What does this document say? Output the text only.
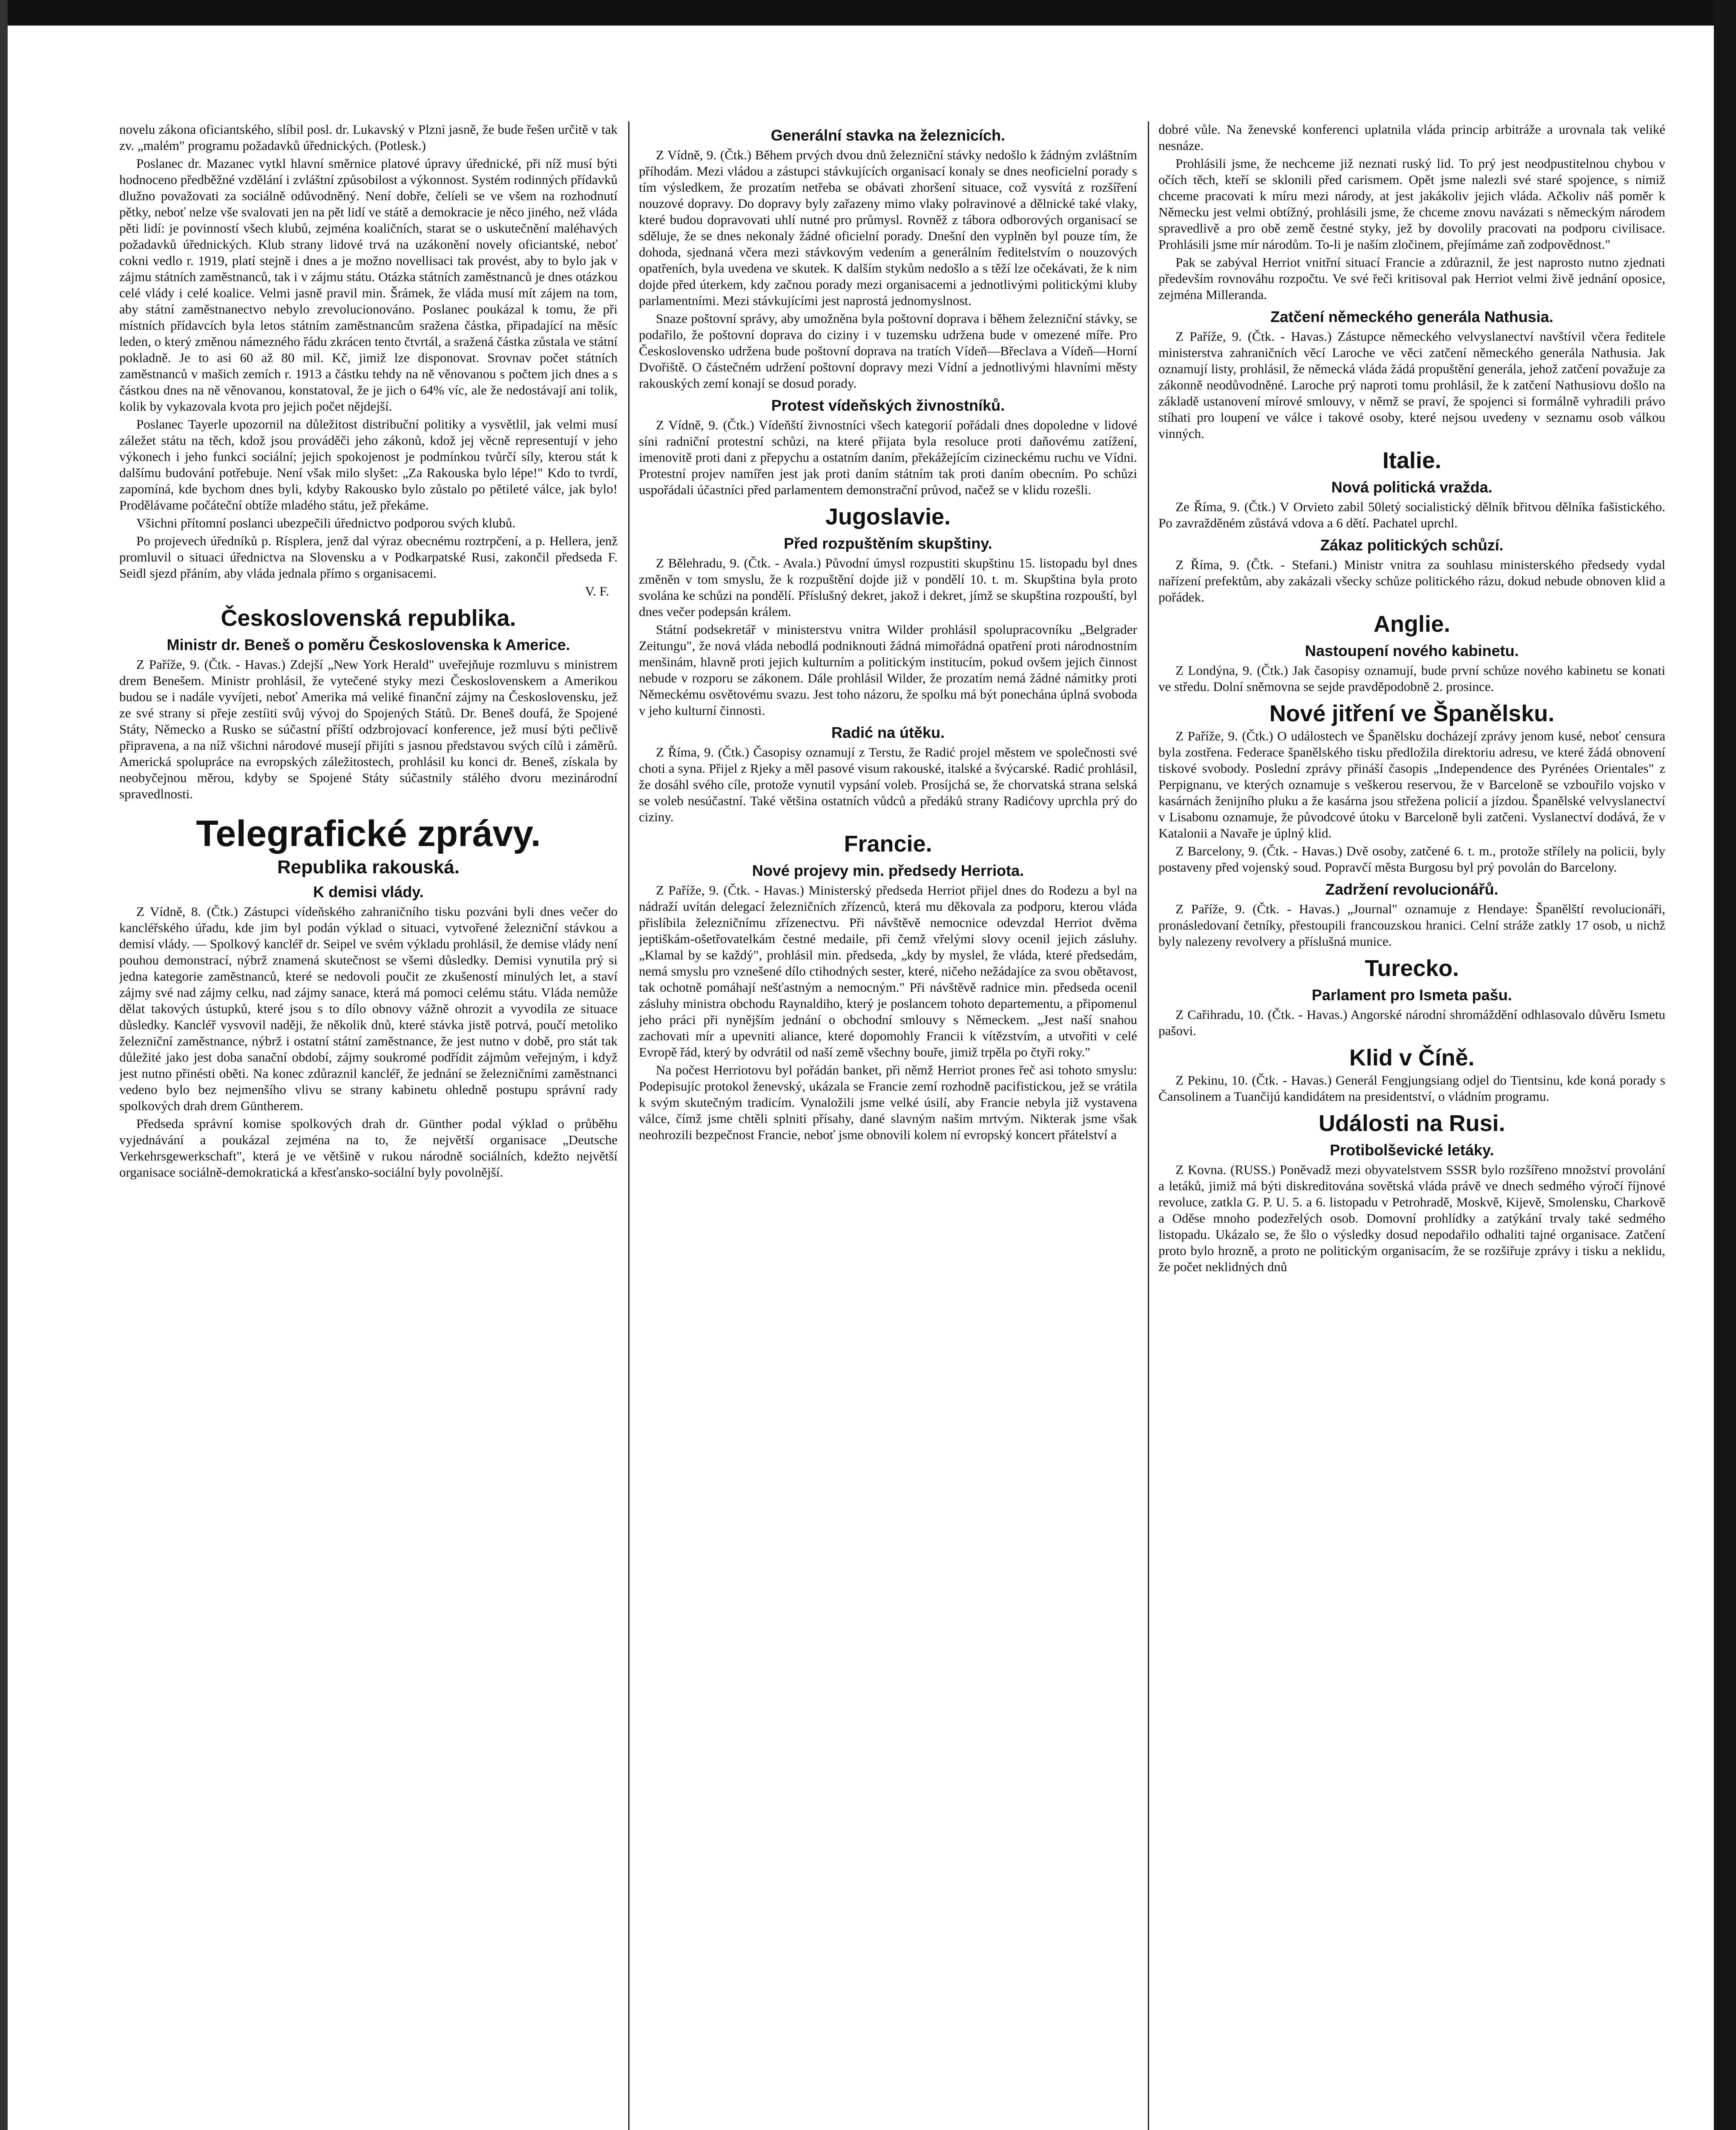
novelu zákona oficiantského, slíbil posl. dr. Lukavský v Plzni jasně, že bude řešen určitě v tak zv. „malém" programu požadavků úřednických. (Potlesk.)

Poslanec dr. Mazanec vytkl hlavní směrnice platové úpravy úřednické, při níž musí býti hodnoceno předběžné vzdělání i zvláštní způsobilost a výkonnost. Systém rodinných přídavků dlužno považovati za sociálně odůvodněný. Není dobře, čelíeli se ve všem na rozhodnutí pětky, neboť nelze vše svalovati jen na pět lidí ve státě a demokracie je něco jiného, než vláda pěti lidí: je povinností všech klubů, zejména koaličních, starat se o uskutečnění maléhavých požadavků úřednických. Klub strany lidové trvá na uzákonění novely oficiantské, neboť cokni vedlo r. 1919, platí stejně i dnes a je možno novellisaci tak provést, aby to bylo jak v zájmu státních zaměstnanců, tak i v zájmu státu. Otázka státních zaměstnanců je dnes otázkou celé vlády i celé koalice. Velmi jasně pravil min. Šrámek, že vláda musí mít zájem na tom, aby státní zaměstnanectvo nebylo zrevolucionováno. Poslanec poukázal k tomu, že při místních přídavcích byla letos státním zaměstnancům sražena částka, připadající na měsíc leden, o který změnou námezného řádu zkrácen tento čtvrtál, a sražená částka zůstala ve státní pokladně. Je to asi 60 až 80 mil. Kč, jimiž lze disponovat. Srovnav počet státních zaměstnanců v mašich zemích r. 1913 a částku tehdy na ně věnovanou s počtem jich dnes a s částkou dnes na ně věnovanou, konstatoval, že je jich o 64% víc, ale že nedostávají ani tolik, kolik by vykazovala kvota pro jejich počet nějdejší.

Poslanec Tayerle upozornil na důležitost distribuční politiky a vysvětlil, jak velmi musí záležet státu na těch, kdož jsou prováděči jeho zákonů, kdož jej věcně representují v jeho výkonech i jeho funkci sociální; jejich spokojenost je podmínkou tvůrčí síly, kterou stát k dalšímu budování potřebuje. Není však milo slyšet: „Za Rakouska bylo lépe!" Kdo to tvrdí, zapomíná, kde bychom dnes byli, kdyby Rakousko bylo zůstalo po pětileté válce, jak bylo! Prodělávame počáteční obtíže mladého státu, jež překáme.

Všichni přítomní poslanci ubezpečili úřednictvo podporou svých klubů.

Po projevech úředníků p. Rísplera, jenž dal výraz obecnému roztrpčení, a p. Hellera, jenž promluvil o situaci úřednictva na Slovensku a v Podkarpatské Rusi, zakončil předseda F. Seidl sjezd přáním, aby vláda jednala přímo s organisacemi.

V. F.
Československá republika.
Ministr dr. Beneš o poměru Československa k Americe.

Z Paříže, 9. (Čtk. - Havas.) Zdejší „New York Herald" uveřejňuje rozmluvu s ministrem drem Benešem. Ministr prohlásil, že vytečené styky mezi Československem a Amerikou budou se i nadále vyvíjeti, neboť Amerika má veliké finanční zájmy na Československu, jež ze své strany si přeje zestíiti svůj vývoj do Spojených Států. Dr. Beneš doufá, že Spojené Státy, Německo a Rusko se súčastní příští odzbrojovací konference, jež musí býti pečlivě připravena, a na níž všichni národové musejí přijíti s jasnou představou svých cílů i záměrů. Americká spolupráce na evropských záležitostech, prohlásil ku konci dr. Beneš, získala by neobyčejnou měrou, kdyby se Spojené Státy súčastnily stálého dvoru mezinárodní spravedlnosti.

Telegrafické zprávy.
Republika rakouská.
K demisi vlády.

Z Vídně, 8. (Čtk.) Zástupci vídeňského zahraničního tisku pozváni byli dnes večer do kancléřského úřadu, kde jim byl podán výklad o situaci, vytvořené železniční stávkou a demisí vlády. — Spolkový kancléř dr. Seipel ve svém výkladu prohlásil, že demise vlády není pouhou demonstrací, nýbrž znamená skutečnost se všemi důsledky. Demisi vynutila prý si jedna kategorie zaměstnanců, které se nedovoli poučit ze zkušeností minulých let, a staví zájmy své nad zájmy celku, nad zájmy sanace, která má pomoci celému státu. Vláda nemůže dělat takových ústupků, které jsou s to dílo obnovy vážně ohrozit a vyvodila ze situace důsledky. Kancléř vysvovil naději, že několik dnů, které stávka jistě potrvá, poučí metoliko železniční zaměstnance, nýbrž i ostatní státní zaměstnance, že jest nutno v době, pro stát tak důležité jako jest doba sanační období, zájmy soukromé podřídit zájmům veřejným, i když jest nutno přinésti oběti. Na konec zdůraznil kancléř, že jednání se železničními zaměstnanci vedeno bylo bez nejmenšího vlivu se strany kabinetu ohledně postupu správní rady spolkových drah drem Güntherem.

Předseda správní komise spolkových drah dr. Günther podal výklad o průběhu vyjednávání a poukázal zejména na to, že největší organisace „Deutsche Verkehrsgewerkschaft", která je ve většině v rukou národně sociálních, kdežto největší organisace sociálně-demokratická a křesťansko-sociální byly povolnější.

Generální stavka na železnicích.

Z Vídně, 9. (Čtk.) Během prvých dvou dnů železniční stávky nedošlo k žádným zvláštním příhodám. Mezi vládou a zástupci stávkujících organisací konaly se dnes neoficielní porady s tím výsledkem, že prozatím netřeba se obávati zhoršení situace, což vysvítá z rozšíření nouzové dopravy. Do dopravy byly zařazeny mimo vlaky polravinové a dělnické také vlaky, které budou dopravovati uhlí nutné pro průmysl. Rovněž z tábora odborových organisací se sděluje, že se dnes nekonaly žádné oficielní porady. Dnešní den vyplněn byl pouze tím, že dohoda, sjednaná včera mezi stávkovým vedením a generálním ředitelstvím o nouzových opatřeních, byla uvedena ve skutek. K dalším stykům nedošlo a s těží lze očekávati, že k nim dojde před úterkem, kdy začnou porady mezi organisacemi a jednotlivými politickými kluby parlamentními. Mezi stávkujícími jest naprostá jednomyslnost.

Snaze poštovní správy, aby umožněna byla poštovní doprava i během železniční stávky, se podařilo, že poštovní doprava do ciziny i v tuzemsku udržena bude v omezené míře. Pro Československo udržena bude poštovní doprava na tratích Vídeň—Břeclava a Vídeň—Horní Dvořiště. O částečném udržení poštovní dopravy mezi Vídní a jednotlivými hlavními městy rakouských zemí konají se dosud porady.

Protest vídeňských živnostníků.

Z Vídně, 9. (Čtk.) Vídeňští živnostníci všech kategorií pořádali dnes dopoledne v lidové síni radniční protestní schůzi, na které přijata byla resoluce proti daňovému zatížení, imenovitě proti dani z přepychu a ostatním daním, překážejícím cizineckému ruchu ve Vídni. Protestní projev namířen jest jak proti daním státním tak proti daním obecním. Po schůzi uspořádali účastníci před parlamentem demonstrační průvod, načež se v klidu rozešli.

Jugoslavie.
Před rozpuštěním skupštiny.

Z Bělehradu, 9. (Čtk. - Avala.) Původní úmysl rozpustiti skupštinu 15. listopadu byl dnes změněn v tom smyslu, že k rozpuštění dojde již v pondělí 10. t. m. Skupština byla proto svolána ke schůzi na pondělí. Příslušný dekret, jakož i dekret, jímž se skupština rozpouští, byl dnes večer podepsán králem.

Státní podsekretář v ministerstvu vnitra Wilder prohlásil spolupracovníku „Belgrader Zeitungu", že nová vláda nebodlá podniknouti žádná mimořádná opatření proti národnostním menšinám, hlavně proti jejich kulturním a politickým institucím, pokud ovšem jejich činnost nebude v rozporu se zákonem. Dále prohlásil Wilder, že prozatím nemá žádné námitky proti Německému osvětovému svazu. Jest toho názoru, že spolku má být ponechána úplná svoboda v jeho kulturní činnosti.

Radić na útěku.

Z Říma, 9. (Čtk.) Časopisy oznamují z Terstu, že Radić projel městem ve společnosti své choti a syna. Přijel z Rjeky a měl pasové visum rakouské, italské a švýcarské. Radić prohlásil, že dosáhl svého cíle, protože vynutil vypsání voleb. Prosíjchá se, že chorvatská strana selská se voleb nesúčastní. Také většina ostatních vůdců a předáků strany Radićovy uprchla prý do ciziny.

Francie.
Nové projevy min. předsedy Herriota.

Z Paříže, 9. (Čtk. - Havas.) Ministerský předseda Herriot přijel dnes do Rodezu a byl na nádraží uvítán delegací železničních zřízenců, která mu děkovala za podporu, kterou vláda přislíbila železničnímu zřízenectvu. Při návštěvě nemocnice odevzdal Herriot dvěma jeptiškám-ošetřovatelkám čestné medaile, při čemž vřelými slovy ocenil jejich zásluhy. „Klamal by se každý", prohlásil min. předseda, „kdy by myslel, že vláda, které předsedám, nemá smyslu pro vznešené dílo ctihodných sester, které, ničeho nežádajíce za svou obětavost, tak ochotně pomáhají nešťastným a nemocným." Při návštěvě radnice min. předseda ocenil zásluhy ministra obchodu Raynaldiho, který je poslancem tohoto departementu, a připomenul jeho práci při nynějším jednání o obchodní smlouvy s Německem. „Jest naší snahou zachovati mír a upevniti aliance, které dopomohly Francii k vítězstvím, a utvořiti v celé Evropě řád, který by odvrátil od naší země všechny bouře, jimiž trpěla po čtyři roky."

Na počest Herriotovu byl pořádán banket, při němž Herriot prones řeč asi tohoto smyslu: Podepisujíc protokol ženevský, ukázala se Francie zemí rozhodně pacifistickou, jež se vrátila k svým skutečným tradicím. Vynaložili jsme velké úsilí, aby Francie nebyla již vystavena válce, čímž jsme chtěli splniti přísahy, dané slavným našim mrtvým. Nikterak jsme však neohrozili bezpečnost Francie, neboť jsme obnovili kolem ní evropský koncert přátelství a

dobré vůle. Na ženevské konferenci uplatnila vláda princip arbitráže a urovnala tak veliké nesnáze.

Prohlásili jsme, že nechceme již neznati ruský lid. To prý jest neodpustitelnou chybou v očích těch, kteří se sklonili před carismem. Opět jsme nalezli své staré spojence, s nimiž chceme pracovati k míru mezi národy, at jest jakákoliv jejich vláda. Ačkoliv náš poměr k Německu jest velmi obtížný, prohlásili jsme, že chceme znovu navázati s německým národem spravedlivě a pro obě země čestné styky, jež by dovolily pracovati na podporu civilisace. Prohlásili jsme mír národům. To-li je naším zločinem, přejímáme zaň zodpovědnost."

Pak se zabýval Herriot vnitřní situací Francie a zdůraznil, že jest naprosto nutno zjednati především rovnováhu rozpočtu. Ve své řeči kritisoval pak Herriot velmi živě jednání oposice, zejména Millerandа.

Zatčení německého generála Nathusia.

Z Paříže, 9. (Čtk. - Havas.) Zástupce německého velvyslanectví navštívil včera ředitele ministerstva zahraničních věcí Laroche ve věci zatčení německého generála Nathusia. Jak oznamují listy, prohlásil, že německá vláda žádá propuštění generála, jehož zatčení považuje za zákonně neodůvodněné. Laroche prý naproti tomu prohlásil, že k zatčení Nathusiovu došlo na základě ustanovení mírové smlouvy, v němž se praví, že spojenci si formálně vyhradili právo stíhati pro loupení ve válce i takové osoby, které nejsou uvedeny v seznamu osob válkou vinných.

Italie.
Nová politická vražda.

Ze Říma, 9. (Čtk.) V Orvieto zabil 50letý socialistický dělník břitvou dělníka fašistického. Po zavražděném zůstává vdova a 6 dětí. Pachatel uprchl.

Zákaz politických schůzí.

Z Říma, 9. (Čtk. - Stefani.) Ministr vnitra za souhlasu ministerského předsedy vydal nařízení prefektům, aby zakázali všecky schůze politického rázu, dokud nebude obnoven klid a pořádek.

Anglie.
Nastoupení nového kabinetu.

Z Londýna, 9. (Čtk.) Jak časopisy oznamují, bude první schůze nového kabinetu se konati ve středu. Dolní sněmovna se sejde pravděpodobně 2. prosince.

Nové jitření ve Španělsku.

Z Paříže, 9. (Čtk.) O událostech ve Španělsku docházejí zprávy jenom kusé, neboť censura byla zostřena. Federace španělského tisku předložila direktoriu adresu, ve které žádá obnovení tiskové svobody. Poslední zprávy přináší časopis „Independence des Pyrénées Orientales" z Perpignanu, ve kterých oznamuje s veškerou reservou, že v Barceloně se vzbouřilo vojsko v kasárnách ženijního pluku a že kasárna jsou střežena policií a jízdou. Španělské velvyslanectví v Lisabonu oznamuje, že původcové útoku v Barceloně byli zatčeni. Vyslanectví dodává, že v Katalonii a Navaře je úplný klid.

Z Barcelony, 9. (Čtk. - Havas.) Dvě osoby, zatčené 6. t. m., protože střílely na policii, byly postaveny před vojenský soud. Popravčí města Burgosu byl prý povolán do Barcelony.

Zadržení revolucionářů.

Z Paříže, 9. (Čtk. - Havas.) „Journal" oznamuje z Hendaye: Španělští revolucionáři, pronásledovaní četníky, přestoupili francouzskou hranici. Celní stráže zatkly 17 osob, u nichž byly nalezeny revolvery a příslušná munice.

Turecko.
Parlament pro Ismeta pašu.

Z Cařihradu, 10. (Čtk. - Havas.) Angorské národní shromáždění odhlasovalo důvěru Ismetu pašovi.

Klid v Číně.

Z Pekinu, 10. (Čtk. - Havas.) Generál Fengjungsiang odjel do Tientsinu, kde koná porady s Čansolinem a Tuančijú kandidátem na presidentství, o vládním programu.

Události na Rusi.
Protibolševické letáky.

Z Kovna. (RUSS.) Poněvadž mezi obyvatelstvem SSSR bylo rozšířeno množství provolání a letáků, jimiž má býti diskreditována sovětská vláda právě ve dnech sedmého výročí říjnové revoluce, zatkla G. P. U. 5. a 6. listopadu v Petrohradě, Moskvě, Kijevě, Smolensku, Charkově a Oděse mnoho podezřelých osob. Domovní prohlídky a zatýkání trvaly také sedmého listopadu. Ukázalo se, že šlo o výsledky dosud nepodařilo odhaliti tajné organisace. Zatčení proto bylo hrozně, a proto ne politickým organisacím, že se rozšiřuje zprávy i tisku a neklidu, že počet neklidných dnů
